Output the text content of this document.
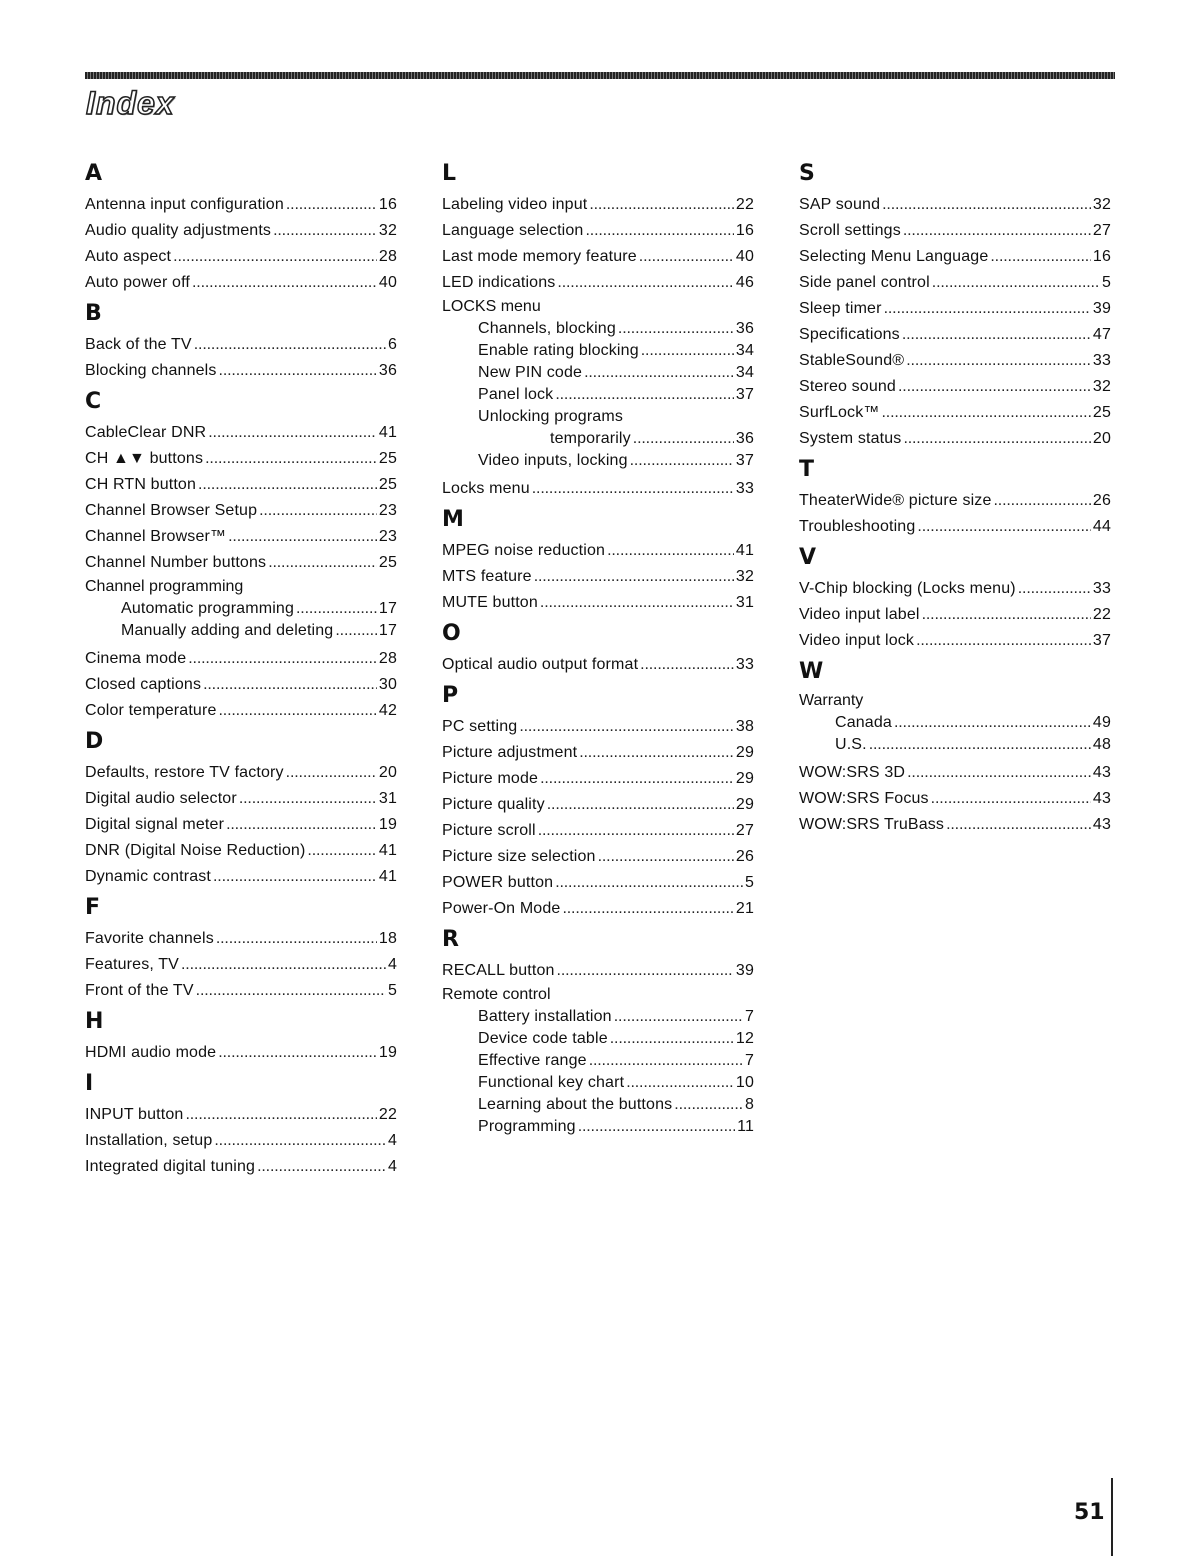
Index
A
Antenna input configuration . . .	16
Audio quality adjustments . . .	32
Auto aspect . . .	28
Auto power off . . .	40
B
Back of the TV . . .	6
Blocking channels . . .	36
C
CableClear DNR . . .	41
CH ▲▼ buttons . . .	25
CH RTN button . . .	25
Channel Browser Setup . . .	23
Channel Browser™ . . .	23
Channel Number buttons . . .	25
Channel programming
Automatic programming . . .	17
Manually adding and deleting . . .	17
Cinema mode . . .	28
Closed captions . . .	30
Color temperature . . .	42
D
Defaults, restore TV factory . . .	20
Digital audio selector . . .	31
Digital signal meter . . .	19
DNR (Digital Noise Reduction) . . .	41
Dynamic contrast . . .	41
F
Favorite channels . . .	18
Features, TV . . .	4
Front of the TV . . .	5
H
HDMI audio mode . . .	19
I
INPUT button . . .	22
Installation, setup . . .	4
Integrated digital tuning . . .	4
L
Labeling video input . . .	22
Language selection . . .	16
Last mode memory feature . . .	40
LED indications . . .	46
LOCKS menu
Channels, blocking . . .	36
Enable rating blocking . . .	34
New PIN code . . .	34
Panel lock . . .	37
Unlocking programs
temporarily . . .	36
Video inputs, locking . . .	37
Locks menu . . .	33
M
MPEG noise reduction . . .	41
MTS feature . . .	32
MUTE button . . .	31
O
Optical audio output format . . .	33
P
PC setting . . .	38
Picture adjustment . . .	29
Picture mode . . .	29
Picture quality . . .	29
Picture scroll . . .	27
Picture size selection . . .	26
POWER button . . .	5
Power-On Mode . . .	21
R
RECALL button . . .	39
Remote control
Battery installation . . .	7
Device code table . . .	12
Effective range . . .	7
Functional key chart . . .	10
Learning about the buttons . . .	8
Programming . . .	11
S
SAP sound . . .	32
Scroll settings . . .	27
Selecting Menu Language . . .	16
Side panel control . . .	5
Sleep timer . . .	39
Specifications . . .	47
StableSound® . . .	33
Stereo sound . . .	32
SurfLock™ . . .	25
System status . . .	20
T
TheaterWide® picture size . . .	26
Troubleshooting . . .	44
V
V-Chip blocking (Locks menu) . . .	33
Video input label . . .	22
Video input lock . . .	37
W
Warranty
Canada . . .	49
U.S. . . .	48
WOW:SRS 3D . . .	43
WOW:SRS Focus . . .	43
WOW:SRS TruBass . . .	43
51
